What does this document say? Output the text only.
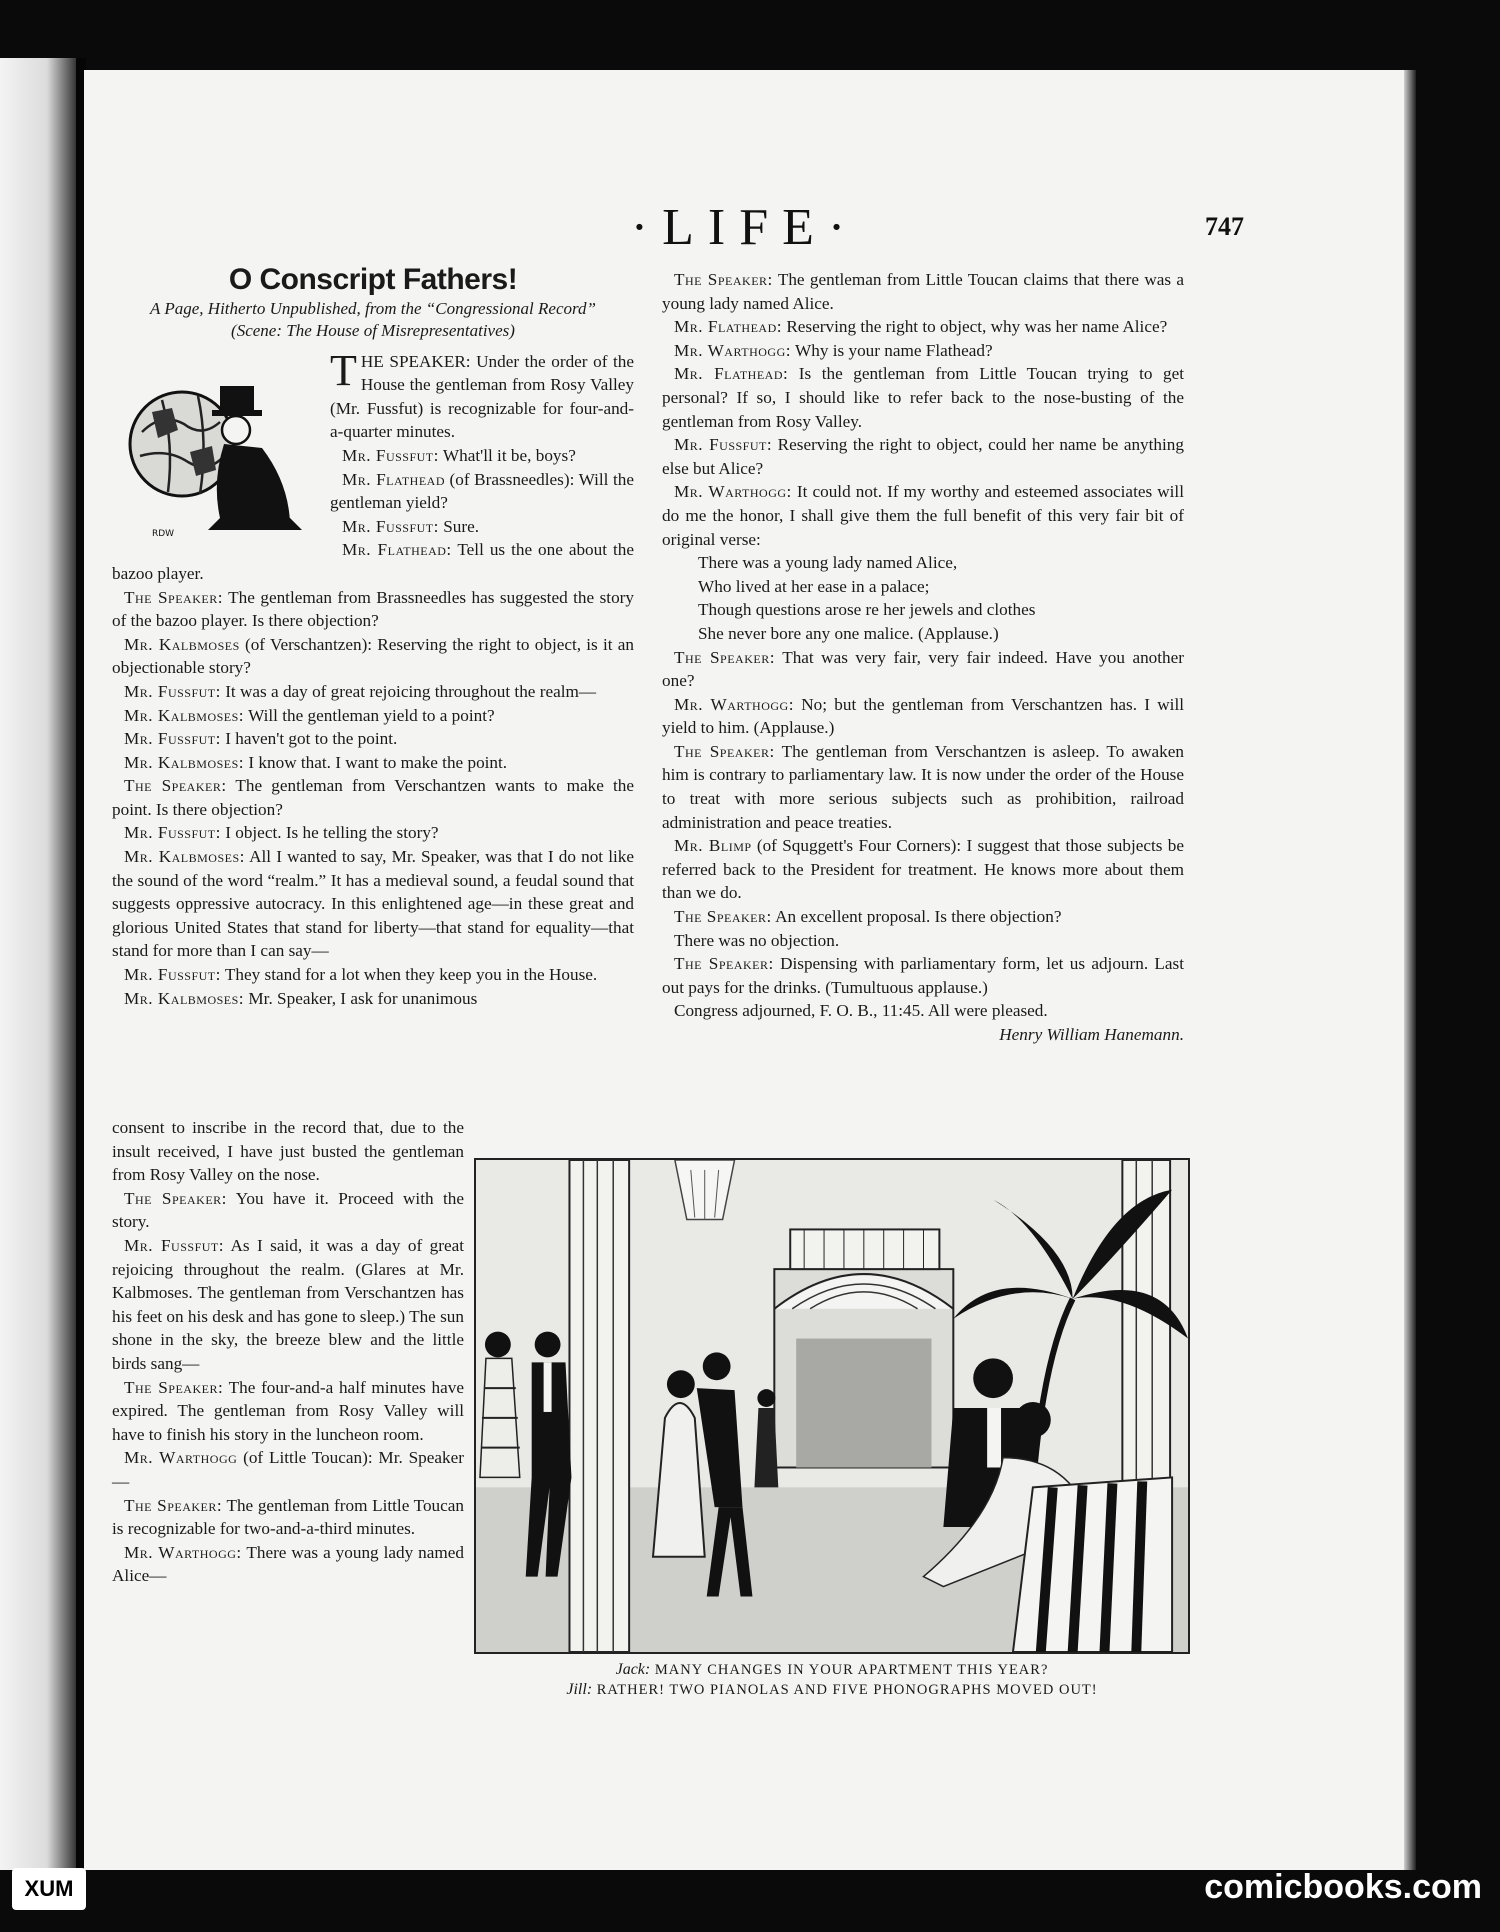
·LIFE·	747
O Conscript Fathers!
A Page, Hitherto Unpublished, from the “Congressional Record”
(Scene: The House of Misrepresentatives)
RDW

THE SPEAKER: Under the order of the House the gentleman from Rosy Valley (Mr. Fussfut) is recognizable for four-and-a-quarter minutes.

Mr. Fussfut: What'll it be, boys?

Mr. Flathead (of Brassneedles): Will the gentleman yield?

Mr. Fussfut: Sure.

Mr. Flathead: Tell us the one about the bazoo player.

The Speaker: The gentleman from Brassneedles has suggested the story of the bazoo player. Is there objection?

Mr. Kalbmoses (of Verschantzen): Reserving the right to object, is it an objectionable story?

Mr. Fussfut: It was a day of great rejoicing throughout the realm—

Mr. Kalbmoses: Will the gentleman yield to a point?

Mr. Fussfut: I haven't got to the point.

Mr. Kalbmoses: I know that. I want to make the point.

The Speaker: The gentleman from Verschantzen wants to make the point. Is there objection?

Mr. Fussfut: I object. Is he telling the story?

Mr. Kalbmoses: All I wanted to say, Mr. Speaker, was that I do not like the sound of the word “realm.” It has a medieval sound, a feudal sound that suggests oppressive autocracy. In this enlightened age—in these great and glorious United States that stand for liberty—that stand for equality—that stand for more than I can say—

Mr. Fussfut: They stand for a lot when they keep you in the House.

Mr. Kalbmoses: Mr. Speaker, I ask for unanimous

consent to inscribe in the record that, due to the insult received, I have just busted the gentleman from Rosy Valley on the nose.

The Speaker: You have it. Proceed with the story.

Mr. Fussfut: As I said, it was a day of great rejoicing throughout the realm. (Glares at Mr. Kalbmoses. The gentleman from Verschantzen has his feet on his desk and has gone to sleep.) The sun shone in the sky, the breeze blew and the little birds sang—

The Speaker: The four-and-a half minutes have expired. The gentleman from Rosy Valley will have to finish his story in the luncheon room.

Mr. Warthogg (of Little Toucan): Mr. Speaker—

The Speaker: The gentleman from Little Toucan is recognizable for two-and-a-third minutes.

Mr. Warthogg: There was a young lady named Alice—

The Speaker: The gentleman from Little Toucan claims that there was a young lady named Alice.

Mr. Flathead: Reserving the right to object, why was her name Alice?

Mr. Warthogg: Why is your name Flathead?

Mr. Flathead: Is the gentleman from Little Toucan trying to get personal? If so, I should like to refer back to the nose-busting of the gentleman from Rosy Valley.

Mr. Fussfut: Reserving the right to object, could her name be anything else but Alice?

Mr. Warthogg: It could not. If my worthy and esteemed associates will do me the honor, I shall give them the full benefit of this very fair bit of original verse:

There was a young lady named Alice,

Who lived at her ease in a palace;

Though questions arose re her jewels and clothes

She never bore any one malice. (Applause.)

The Speaker: That was very fair, very fair indeed. Have you another one?

Mr. Warthogg: No; but the gentleman from Verschantzen has. I will yield to him. (Applause.)

The Speaker: The gentleman from Verschantzen is asleep. To awaken him is contrary to parliamentary law. It is now under the order of the House to treat with more serious subjects such as prohibition, railroad administration and peace treaties.

Mr. Blimp (of Squggett's Four Corners): I suggest that those subjects be referred back to the President for treatment. He knows more about them than we do.

The Speaker: An excellent proposal. Is there objection?

There was no objection.

The Speaker: Dispensing with parliamentary form, let us adjourn. Last out pays for the drinks. (Tumultuous applause.)

Congress adjourned, F. O. B., 11:45. All were pleased.

Henry William Hanemann.
Jack: MANY CHANGES IN YOUR APARTMENT THIS YEAR?
Jill: RATHER! TWO PIANOLAS AND FIVE PHONOGRAPHS MOVED OUT!
XUM	comicbooks.com
